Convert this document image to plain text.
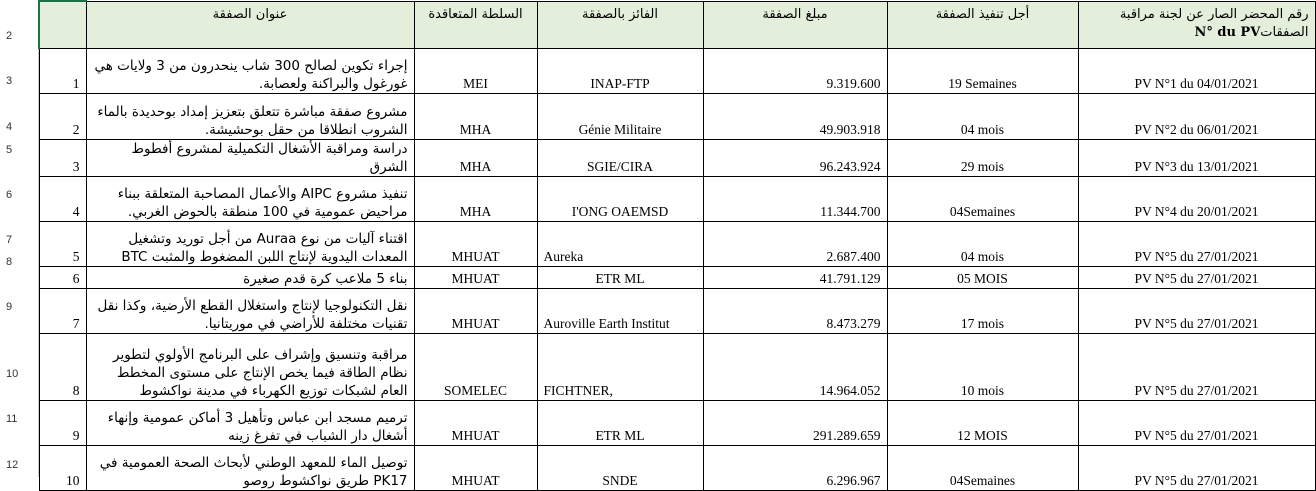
2
3
4
5
6
7
8
9
10
11
12
	عنوان الصفقة	السلطة المتعاقدة	الفائز بالصفقة	مبلغ الصفقة	أجل تنفيذ الصفقة	رقم المحضر الصار عن لجنة مراقبة
الصفقاتN° du PV

1	إجراء تكوين لصالح 300 شاب ينحدرون من 3 ولايات هي غورغول والبراكنة ولعصابة.	MEI	INAP-FTP	9.319.600	19 Semaines	PV N°1 du 04/01/2021
2	مشروع صفقة مباشرة تتعلق بتعزيز إمداد بوحديدة بالماء الشروب انطلاقا من حقل بوحشيشة.	MHA	Génie Militaire	49.903.918	04 mois	PV N°2 du 06/01/2021
3	دراسة ومراقبة الأشغال التكميلية لمشروع أفطوط الشرق	MHA	SGIE/CIRA	96.243.924	29 mois	PV N°3 du 13/01/2021
4	تنفيذ مشروع AIPC والأعمال المصاحبة المتعلقة ببناء مراحيض عمومية في 100 منطقة بالحوض الغربي.	MHA	I'ONG OAEMSD	11.344.700	04Semaines	PV N°4 du 20/01/2021
5	اقتناء آليات من نوع Auraa من أجل توريد وتشغيل المعدات اليدوية لإنتاج اللبن المضغوط والمثبت BTC	MHUAT	Aureka	2.687.400	04 mois	PV N°5 du 27/01/2021
6	بناء 5 ملاعب كرة قدم صغيرة	MHUAT	ETR ML	41.791.129	05 MOIS	PV N°5 du 27/01/2021
7	نقل التكنولوجيا لإنتاج واستغلال القطع الأرضية، وكذا نقل تقنيات مختلفة للأراضي في موريتانيا.	MHUAT	Auroville Earth Institut	8.473.279	17 mois	PV N°5 du 27/01/2021
8	مراقبة وتنسيق وإشراف على البرنامج الأولوي لتطوير نظام الطاقة فيما يخص الإنتاج على مستوى المخطط العام لشبكات توزيع الكهرباء في مدينة نواكشوط	SOMELEC	FICHTNER,	14.964.052	10 mois	PV N°5 du 27/01/2021
9	ترميم مسجد ابن عباس وتأهيل 3 أماكن عمومية وإنهاء أشغال دار الشباب في تفرغ زينه	MHUAT	ETR ML	291.289.659	12 MOIS	PV N°5 du 27/01/2021
10	توصيل الماء للمعهد الوطني لأبحاث الصحة العمومية في PK17 طريق نواكشوط روصو	MHUAT	SNDE	6.296.967	04Semaines	PV N°5 du 27/01/2021
